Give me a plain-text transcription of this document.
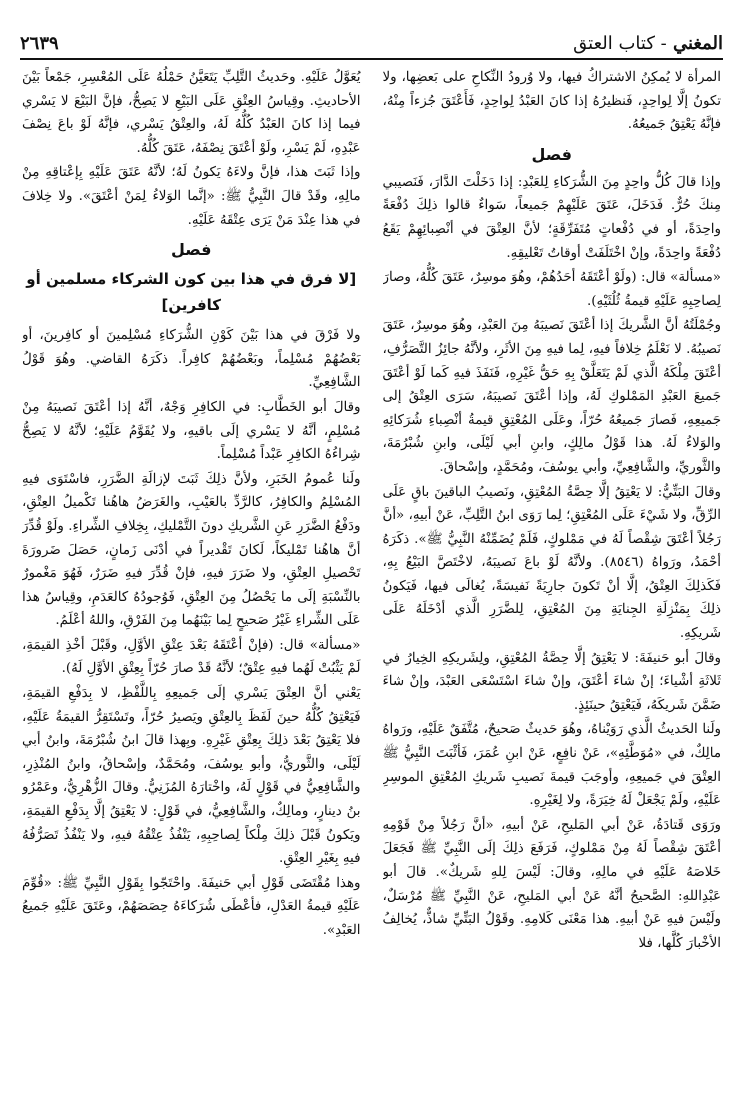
المغني - كتاب العتق
٢٦٣٩

المرأة لا يُمكِنُ الاشتراكُ فيها، ولا وُرودُ النِّكاحِ على بَعضِها، ولا تكونُ إلَّا لِواحِدٍ، فَنظيرُهُ إذا كانَ العَبْدُ لِواحِدٍ، فَأَعْتَقَ جُزءاً مِنْهُ، فإنَّهُ يَعْتِقُ جَميعُهُ.

فصل

وإذا قالَ كُلُّ واحِدٍ مِنَ الشُّرَكاءِ لِلعَبْدِ: إذا دَخَلْتَ الدَّارَ، فَنَصيبي مِنكَ حُرٌّ. فَدَخَلَ، عَتَقَ عَلَيْهِمْ جَميعاً، سَواءٌ قالوا ذلِكَ دُفْعَةً واحِدَةً، أو في دُفْعاتٍ مُتَفَرِّقَةٍ؛ لأنَّ العِتْقَ في أنْصِبائِهِمْ يَقَعُ دُفْعَةً واحِدَةً، وإنْ اخْتَلَفَتْ أوقاتُ تَعْليقِهِ.

«مسألة» قال: (ولَوْ أعْتَقَهُ أحَدُهُمْ، وهُوَ موسِرٌ، عَتَقَ كُلُّهُ، وصارَ لِصاحِبِهِ عَلَيْهِ قيمةُ ثُلُثَيْهِ).

وجُمْلَتُهُ أنَّ الشَّريكَ إذا أعْتَقَ نَصيبَهُ مِنَ العَبْدِ، وهُوَ موسِرٌ، عَتَقَ نَصيبُهُ. لا نَعْلَمُ خِلافاً فيهِ، لِما فيهِ مِنَ الأثَرِ، ولأنَّهُ جائِزُ التَّصَرُّفِ، أعْتَقَ مِلْكَهُ الَّذي لَمْ يَتَعَلَّقْ بِهِ حَقُّ غَيْرِهِ، فَنَفَذَ فيهِ كَما لَوْ أعْتَقَ جَميعَ العَبْدِ المَمْلوكِ لَهُ، وإذا أعْتَقَ نَصيبَهُ، سَرَى العِتْقُ إلى جَميعِهِ، فَصارَ جَميعُهُ حُرّاً، وعَلَى المُعْتِقِ قيمةُ أنْصِباءِ شُرَكائِهِ والوَلاءُ لَهُ. هذا قَوْلُ مالِكٍ، وابنِ أبي لَيْلَى، وابنِ شُبْرُمَةَ، والثَّوريِّ، والشَّافِعِيِّ، وأبي يوسُفَ، ومُحَمَّدٍ، وإسْحاقَ.

وقالَ البَتِّيُّ: لا يَعْتِقُ إلَّا حِصَّةُ المُعْتِقِ، ونَصيبُ الباقينَ باقٍ عَلَى الرِّقِّ، ولا شَيْءَ عَلَى المُعْتِقِ؛ لِما رَوَى ابنُ التَّلِبِّ، عَنْ أبيهِ، «أنَّ رَجُلاً أعْتَقَ شِقْصاً لَهُ في مَمْلوكٍ، فَلَمْ يُضَمِّنْهُ النَّبِيُّ ﷺ». ذكَرَهُ أحْمَدُ، ورَواهُ (٨٥٤٦). ولأنَّهُ لَوْ باعَ نَصيبَهُ، لاخْتَصَّ البَيْعُ بِهِ، فَكَذلِكَ العِتْقُ، إلَّا أنْ تَكونَ جارِيَةً نَفيسَةً، يُغالَى فيها، فَيَكونُ ذلِكَ بِمَنْزِلَةِ الجِنايَةِ مِنَ المُعْتِقِ، لِلضَّرَرِ الَّذي أدْخَلَهُ عَلَى شَريكِهِ.

وقالَ أبو حَنيفَةَ: لا يَعْتِقُ إلَّا حِصَّةُ المُعْتِقِ، ولِشَريكِهِ الخِيارُ في ثَلاثَةِ أشْياءَ؛ إنْ شاءَ أعْتَقَ، وإنْ شاءَ اسْتَسْعَى العَبْدَ، وإنْ شاءَ ضَمَّنَ شَريكَهُ، فَيَعْتِقُ حينَئِذٍ.

ولَنا الحَديثُ الَّذي رَوَيْناهُ، وهُوَ حَديثٌ صَحيحٌ، مُتَّفَقٌ عَلَيْهِ، ورَواهُ مالِكٌ، في «مُوَطَّئِهِ»، عَنْ نافِعٍ، عَنْ ابنِ عُمَرَ، فَأثْبَتَ النَّبِيُّ ﷺ العِتْقَ في جَميعِهِ، وأوجَبَ قيمةَ نَصيبِ شَريكِ المُعْتِقِ الموسِرِ عَلَيْهِ، ولَمْ يَجْعَلْ لَهُ خِيَرَةً، ولا لِغَيْرِهِ.

ورَوَى قَتادَةُ، عَنْ أبي المَليحِ، عَنْ أبيهِ، «أنَّ رَجُلاً مِنْ قَوْمِهِ أعْتَقَ شِقْصاً لَهُ مِنْ مَمْلوكٍ، فَرَفَعَ ذلِكَ إلَى النَّبِيِّ ﷺ فَجَعَلَ خَلاصَهُ عَلَيْهِ في مالِهِ، وقالَ: لَيْسَ لِلهِ شَريكٌ». قالَ أبو عَبْدِاللهِ: الصَّحيحُ أنَّهُ عَنْ أبي المَليحِ، عَنْ النَّبِيِّ ﷺ مُرْسَلٌ، ولَيْسَ فيهِ عَنْ أبيهِ. هذا مَعْنَى كَلامِهِ. وقَوْلُ البَتِّيِّ شاذٌّ، يُخالِفُ الأخْبارَ كُلَّها، فلا

يُعَوَّلُ عَلَيْهِ. وحَديثُ التَّلِبِّ يَتَعَيَّنُ حَمْلُهُ عَلَى المُعْسِرِ، جَمْعاً بَيْنَ الأحاديثِ. وقِياسُ العِتْقِ عَلَى البَيْعِ لا يَصِحُّ، فإنَّ البَيْعَ لا يَسْري فيما إذا كانَ العَبْدُ كُلُّهُ لَهُ، والعِتْقُ يَسْري، فإنَّهُ لَوْ باعَ نِصْفَ عَبْدِهِ، لَمْ يَسْرِ، ولَوْ أعْتَقَ نِصْفَهُ، عَتَقَ كُلُّهُ.

وإذا ثَبَتَ هذا، فإنَّ ولاءَهُ يَكونُ لَهُ؛ لأنَّهُ عَتَقَ عَلَيْهِ بِإعْتاقِهِ مِنْ مالِهِ، وقَدْ قالَ النَّبِيُّ ﷺ: «إنَّما الوَلاءُ لِمَنْ أعْتَقَ». ولا خِلافَ في هذا عِنْدَ مَنْ يَرَى عِتْقَهُ عَلَيْهِ.

فصل
[لا فرق في هذا بين كون الشركاء مسلمين أو كافرين]

ولا فَرْقَ في هذا بَيْنَ كَوْنِ الشُّرَكاءِ مُسْلِمينَ أو كافِرينَ، أو بَعْضُهُمْ مُسْلِماً، وبَعْضُهُمْ كافِراً. ذكَرَهُ القاضي. وهُوَ قَوْلُ الشَّافِعِيِّ.

وقالَ أبو الخَطَّابِ: في الكافِرِ وَجْهٌ، أنَّهُ إذا أعْتَقَ نَصيبَهُ مِنْ مُسْلِمٍ، أنَّهُ لا يَسْري إلَى باقيهِ، ولا يُقَوَّمُ عَلَيْهِ؛ لأنَّهُ لا يَصِحُّ شِراءُهُ الكافِرِ عَبْداً مُسْلِماً.

ولَنا عُمومُ الخَبَرِ، ولأنَّ ذلِكَ ثَبَتَ لإزالَةِ الضَّرَرِ، فاسْتَوَى فيهِ المُسْلِمُ والكافِرُ، كالرَّدِّ بالعَيْبِ، والغَرَضُ هاهُنا تَكْميلُ العِتْقِ، ودَفْعُ الضَّرَرِ عَنِ الشَّريكِ دونَ التَّمْليكِ، بِخِلافِ الشِّراءِ. ولَوْ قُدِّرَ أنَّ هاهُنا تَمْليكاً، لَكانَ تَقْديراً في أدْنَى زَمانٍ، حَصَلَ ضَرورَةَ تَحْصيلِ العِتْقِ، ولا ضَرَرَ فيهِ، فإنْ قُدِّرَ فيهِ ضَرَرٌ، فَهُوَ مَغْمورٌ بالنِّسْبَةِ إلَى ما يَحْصُلُ مِنَ العِتْقِ، فَوُجودُهُ كالعَدَمِ، وقِياسُ هذا عَلَى الشِّراءِ غَيْرُ صَحيحٍ لِما بَيْنَهُما مِنَ الفَرْقِ، واللهُ أعْلَمُ.

«مسألة» قال: (فإنْ أعْتَقَهُ بَعْدَ عِتْقِ الأوَّلِ، وقَبْلَ أخْذِ القيمَةِ، لَمْ يَثْبُتْ لَهُما فيهِ عِتْقٌ؛ لأنَّهُ قَدْ صارَ حُرّاً بِعِتْقِ الأوَّلِ لَهُ).

يَعْني أنَّ العِتْقَ يَسْري إلَى جَميعِهِ بِاللَّفْظِ، لا بِدَفْعِ القيمَةِ، فَيَعْتِقُ كُلُّهُ حينَ لَفَظَ بِالعِتْقِ ويَصيرُ حُرّاً، وتَسْتَقِرُّ القيمَةُ عَلَيْهِ، فلا يَعْتِقُ بَعْدَ ذلِكَ بِعِتْقِ غَيْرِهِ. وبِهذا قالَ ابنُ شُبْرُمَةَ، وابنُ أبي لَيْلَى، والثَّوريُّ، وأبو يوسُفَ، ومُحَمَّدٌ، وإسْحاقُ، وابنُ المُنْذِرِ، والشَّافِعِيُّ في قَوْلٍ لَهُ، واخْتارَهُ المُزَنِيُّ. وقالَ الزُّهْرِيُّ، وعَمْرُو بنُ دينارٍ، ومالِكٌ، والشَّافِعِيُّ، في قَوْلٍ: لا يَعْتِقُ إلَّا بِدَفْعِ القيمَةِ، ويَكونُ قَبْلَ ذلِكَ مِلْكاً لِصاحِبِهِ، يَنْفُذُ عِتْقُهُ فيهِ، ولا يَنْفُذُ تَصَرُّفُهُ فيهِ بِغَيْرِ العِتْقِ.

وهذا مُقْتَضَى قَوْلِ أبي حَنيفَةَ. واحْتَجّوا بِقَوْلِ النَّبِيِّ ﷺ: «قُوِّمَ عَلَيْهِ قيمةُ العَدْلِ، فأعْطَى شُرَكاءَهُ حِصَصَهُمْ، وعَتَقَ عَلَيْهِ جَميعُ العَبْدِ».
